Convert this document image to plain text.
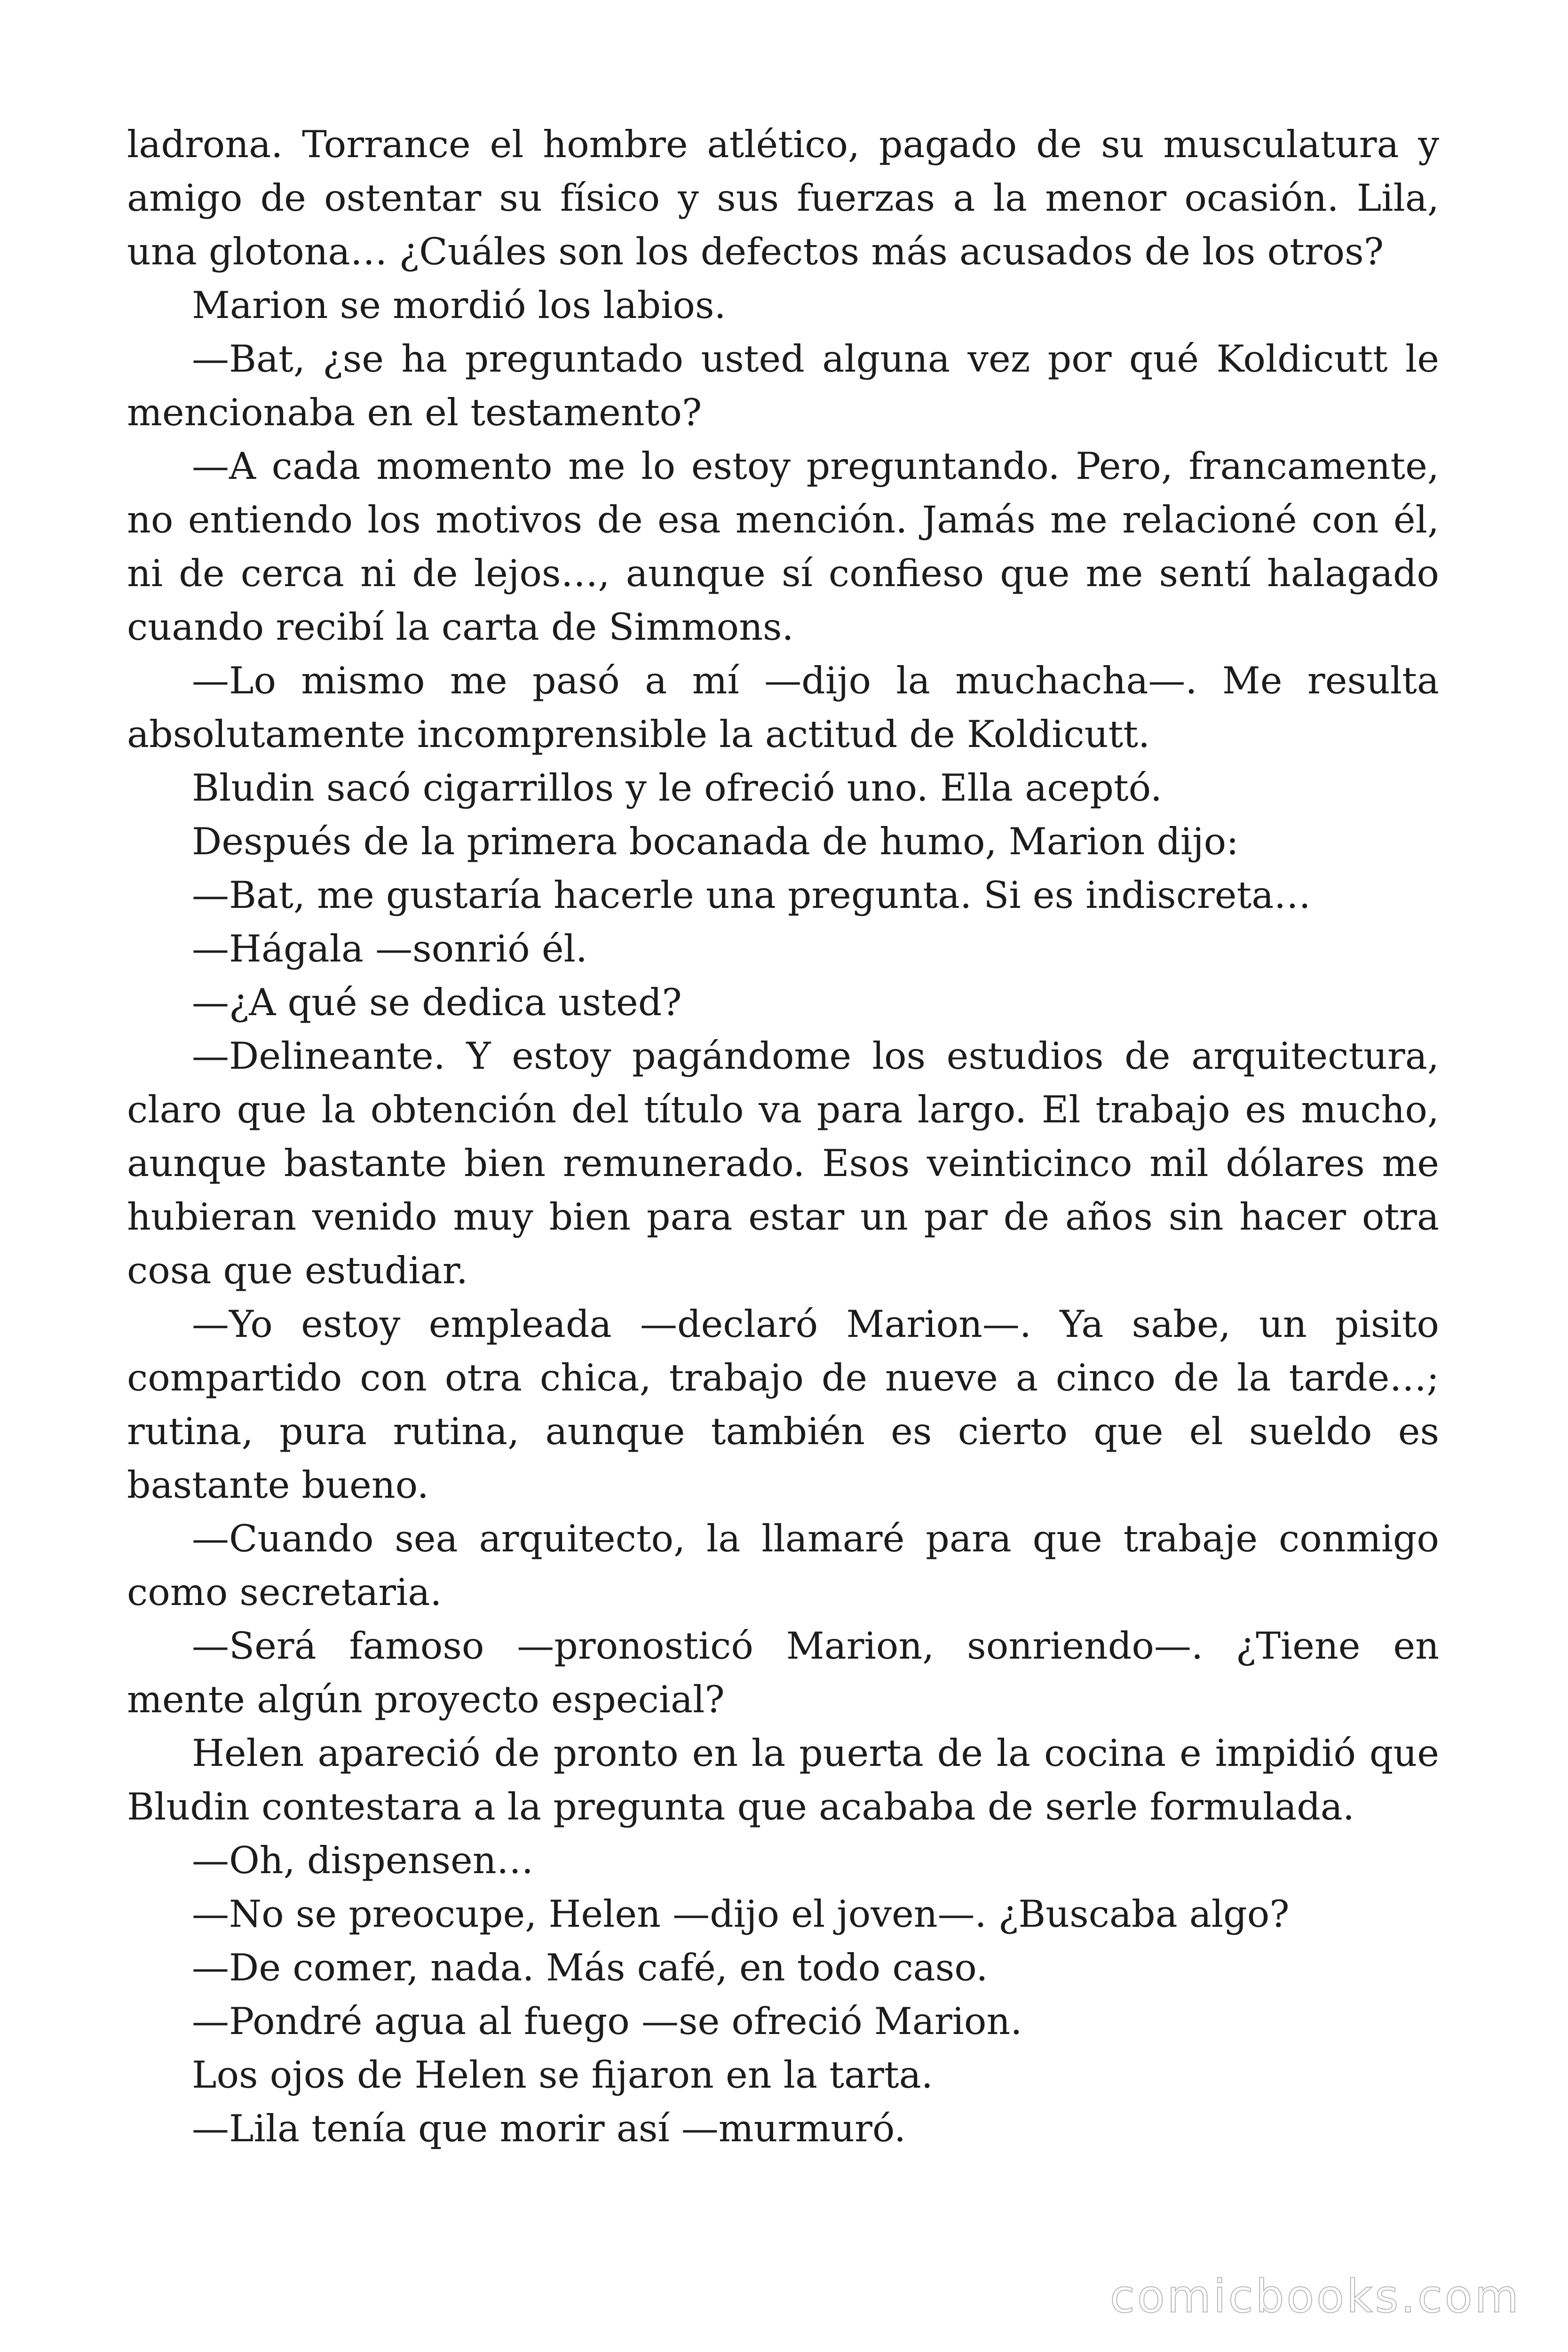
ladrona. Torrance el hombre atlético, pagado de su musculatura y amigo de ostentar su físico y sus fuerzas a la menor ocasión. Lila, una glotona… ¿Cuáles son los defectos más acusados de los otros?

Marion se mordió los labios.

—Bat, ¿se ha preguntado usted alguna vez por qué Koldicutt le mencionaba en el testamento?

—A cada momento me lo estoy preguntando. Pero, francamente, no entiendo los motivos de esa mención. Jamás me relacioné con él, ni de cerca ni de lejos…, aunque sí confieso que me sentí halagado cuando recibí la carta de Simmons.

—Lo mismo me pasó a mí —dijo la muchacha—. Me resulta absolutamente incomprensible la actitud de Koldicutt.

Bludin sacó cigarrillos y le ofreció uno. Ella aceptó.

Después de la primera bocanada de humo, Marion dijo:

—Bat, me gustaría hacerle una pregunta. Si es indiscreta…

—Hágala —sonrió él.

—¿A qué se dedica usted?

—Delineante. Y estoy pagándome los estudios de arquitectura, claro que la obtención del título va para largo. El trabajo es mucho, aunque bastante bien remunerado. Esos veinticinco mil dólares me hubieran venido muy bien para estar un par de años sin hacer otra cosa que estudiar.

—Yo estoy empleada —declaró Marion—. Ya sabe, un pisito compartido con otra chica, trabajo de nueve a cinco de la tarde…; rutina, pura rutina, aunque también es cierto que el sueldo es bastante bueno.

—Cuando sea arquitecto, la llamaré para que trabaje conmigo como secretaria.

—Será famoso —pronosticó Marion, sonriendo—. ¿Tiene en mente algún proyecto especial?

Helen apareció de pronto en la puerta de la cocina e impidió que Bludin contestara a la pregunta que acababa de serle formulada.

—Oh, dispensen…

—No se preocupe, Helen —dijo el joven—. ¿Buscaba algo?

—De comer, nada. Más café, en todo caso.

—Pondré agua al fuego —se ofreció Marion.

Los ojos de Helen se fijaron en la tarta.

—Lila tenía que morir así —murmuró.

comicbooks.com
